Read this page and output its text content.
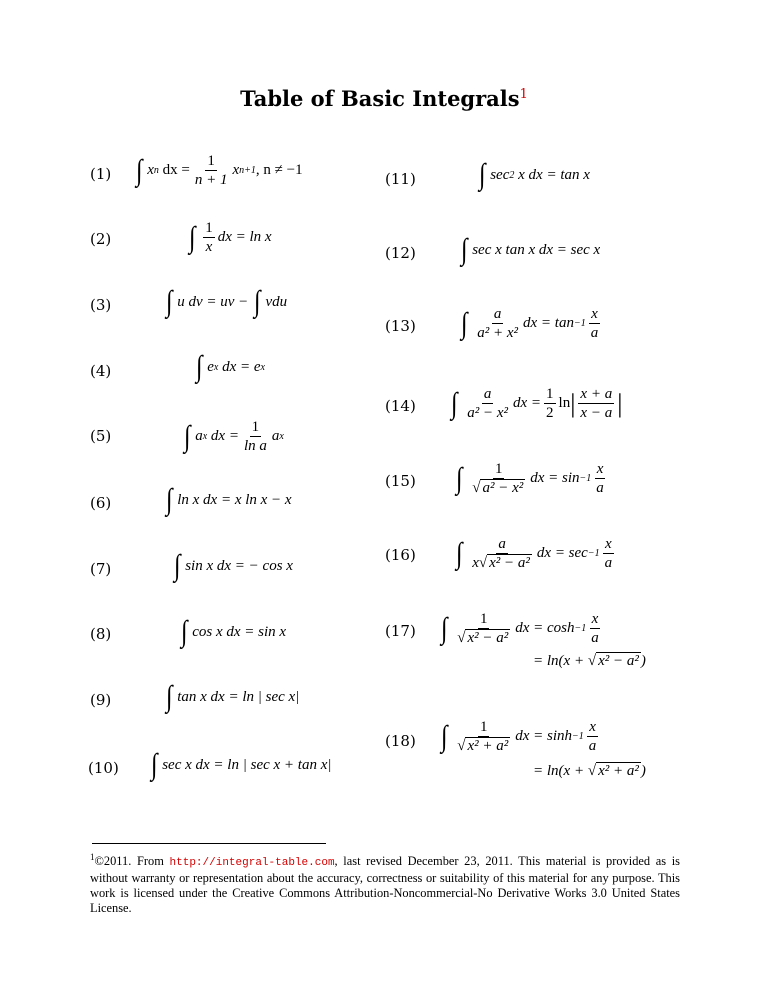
Table of Basic Integrals$^1$
(1)
(2)
(3)
(4)
(5)
(6)
(7)
(8)
(9)
(10)
(11)
(12)
(13)
(14)
(15)
(16)
(17)
(18)
∫ x n
dx = $\frac{1}{n + 1}$ x n+1 , n ≠ −1
∫ 1
x
dx = ln x
∫ u dv = uv − ∫ vdu
∫ e x
dx = e x
∫ a x
dx = $\frac{1}{\text{ln a}}$ a x
∫ ln x dx = x ln x − x
∫ sin x dx = − cos x
∫ cos x dx = sin x
∫ tan x dx = ln | sec x|
∫ sec x dx = ln | sec x + tan x|
∫ sec 2
x dx = tan x
∫ sec x tan x dx = sec x
∫ a
a² + x²
dx = tan −1
x
a
∫ a
a² − x²
dx = $\frac{1}{2}$ ln | x + a
x − a |
∫ 1
√ a² − x²
dx = sin −1
x
a
∫ a
x√ x² − a²
dx = sec −1
x
a
∫ 1
√ x² − a²
dx = cosh −1
x
a
= ln(x + √ x² − a² )
∫ 1
√ x² + a²
dx = sinh −1
x
a
= ln(x + √ x² + a² )
$^1$©2011. From http://integral-table.com, last revised December 23, 2011. This material is provided as is without warranty or representation about the accuracy, correctness or suitability of this material for any purpose. This work is licensed under the Creative Commons Attribution-Noncommercial-No Derivative Works 3.0 United States License.
